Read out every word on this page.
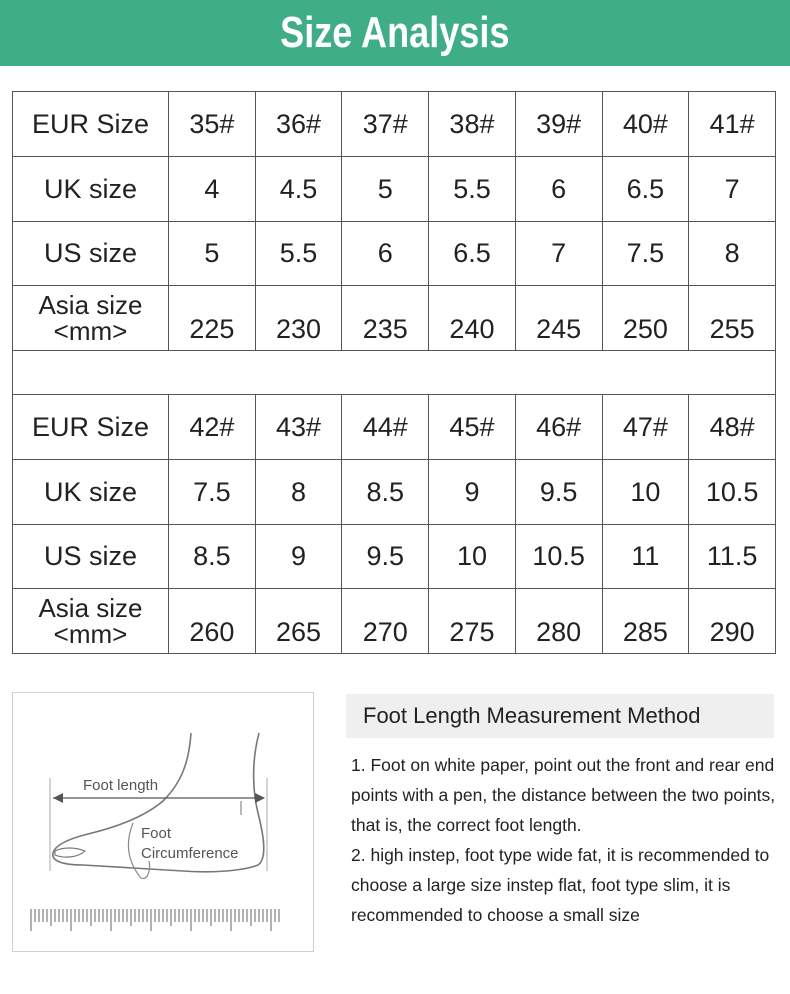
Size Analysis
EUR Size	35#	36#	37#	38#	39#	40#	41#
UK size	4	4.5	5	5.5	6	6.5	7
US size	5	5.5	6	6.5	7	7.5	8

Asia size
<mm>	225	230	235	240	245	250	255
EUR Size	42#	43#	44#	45#	46#	47#	48#
UK size	7.5	8	8.5	9	9.5	10	10.5
US size	8.5	9	9.5	10	10.5	11	11.5

Asia size
<mm>	260	265	270	275	280	285	290
Foot length
Foot
Circumference
Foot Length Measurement Method

1. Foot on white paper, point out the front and rear end points with a pen, the distance between the two points, that is, the correct foot length.

2. high instep, foot type wide fat, it is recommended to choose a large size instep flat, foot type slim, it is recommended to choose a small size
